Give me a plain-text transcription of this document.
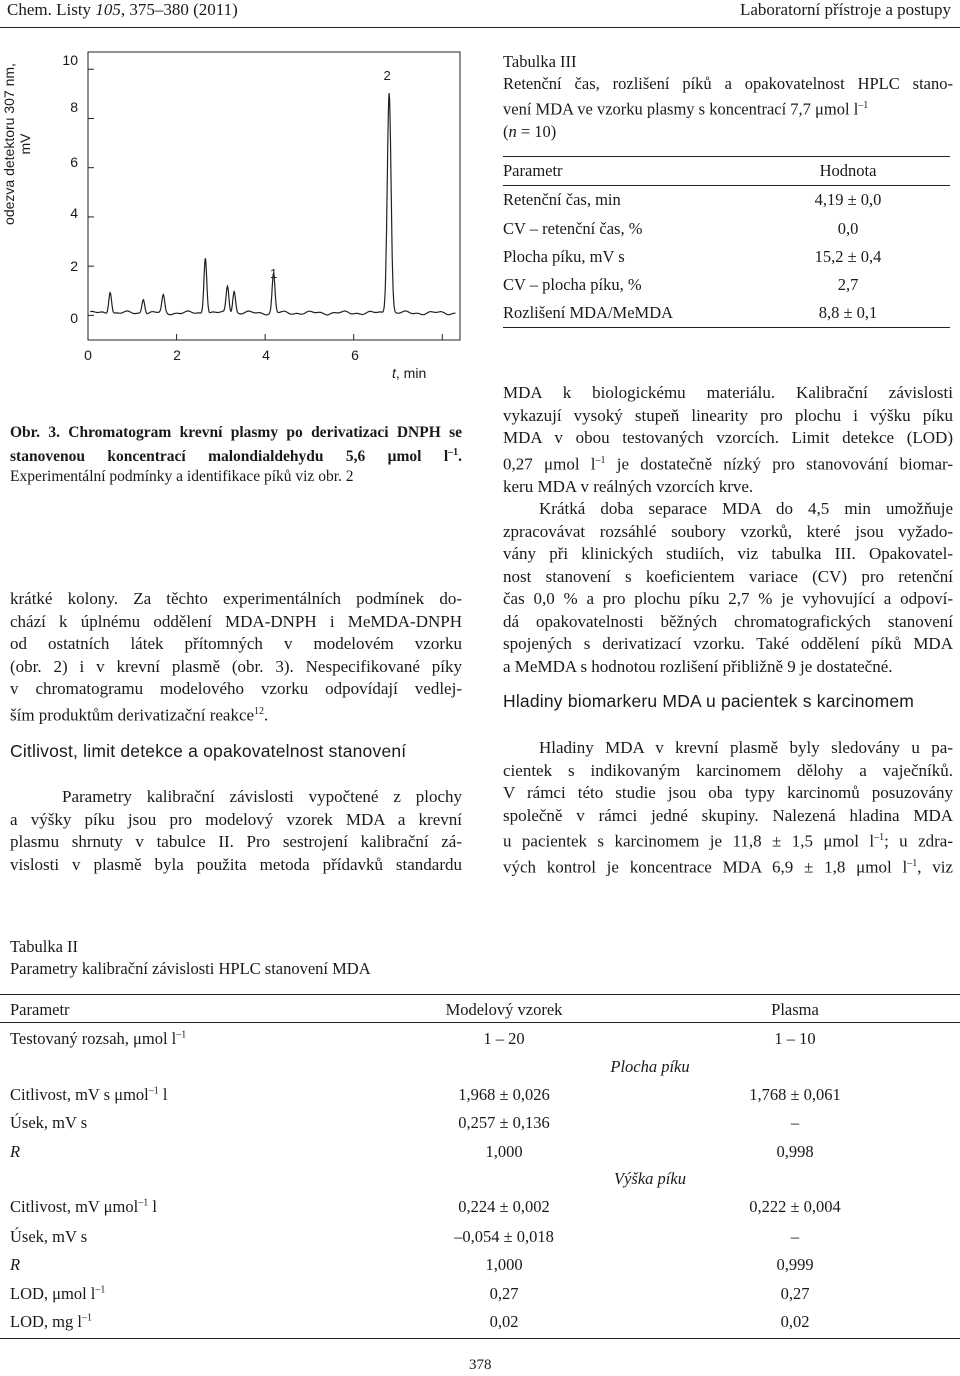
Chem. Listy 105, 375–380 (2011)	Laboratorní přístroje a postupy
odezva detektoru 307 nm, mV
10
8
6
4
2
0
1
2
0	2	4	6
t, min
Obr. 3. Chromatogram krevní plasmy po derivatizaci DNPH se stanovenou koncentrací malondialdehydu 5,6 μmol $l^{-1}$. Experimentální podmínky a identifikace píků viz obr. 2
Tabulka III
Retenční čas, rozlišení píků a opakovatelnost HPLC stano-
vení MDA ve vzorku plasmy s koncentrací 7,7 μmol $l^{-1}$
(n = 10)
Parametr	Hodnota
Retenční čas, min	4,19 ± 0,0
CV – retenční čas, %	0,0
Plocha píku, mV s	15,2 ± 0,4
CV – plocha píku, %	2,7
Rozlišení MDA/MeMDA	8,8 ± 0,1
krátké kolony. Za těchto experimentálních podmínek do-
chází k úplnému oddělení MDA-DNPH i MeMDA-DNPH
od ostatních látek přítomných v modelovém vzorku
(obr. 2) i v krevní plasmě (obr. 3). Nespecifikované píky
v chromatogramu modelového vzorku odpovídají vedlej-
ším produktům derivatizační reakce$^{12}$.
Citlivost, limit detekce a opakovatelnost stanovení
Parametry kalibrační závislosti vypočtené z plochy
a výšky píku jsou pro modelový vzorek MDA a krevní
plasmu shrnuty v tabulce II. Pro sestrojení kalibrační zá-
vislosti v plasmě byla použita metoda přídavků standardu
MDA k biologickému materiálu. Kalibrační závislosti
vykazují vysoký stupeň linearity pro plochu i výšku píku
MDA v obou testovaných vzorcích. Limit detekce (LOD)
0,27 μmol $l^{-1}$ je dostatečně nízký pro stanovování biomar-
keru MDA v reálných vzorcích krve.
Krátká doba separace MDA do 4,5 min umožňuje
zpracovávat rozsáhlé soubory vzorků, které jsou vyžado-
vány při klinických studiích, viz tabulka III. Opakovatel-
nost stanovení s koeficientem variace (CV) pro retenční
čas 0,0 % a pro plochu píku 2,7 % je vyhovující a odpoví-
dá opakovatelnosti běžných chromatografických stanovení
spojených s derivatizací vzorku. Také oddělení píků MDA
a MeMDA s hodnotou rozlišení přibližně 9 je dostatečné.
Hladiny biomarkeru MDA u pacientek s karcinomem
Hladiny MDA v krevní plasmě byly sledovány u pa-
cientek s indikovaným karcinomem dělohy a vaječníků.
V rámci této studie jsou oba typy karcinomů posuzovány
společně v rámci jedné skupiny. Nalezená hladina MDA
u pacientek s karcinomem je 11,8 ± 1,5 μmol $l^{-1}$; u zdra-
vých kontrol je koncentrace MDA 6,9 ± 1,8 μmol $l^{-1}$, viz
Tabulka II
Parametry kalibrační závislosti HPLC stanovení MDA
Parametr	Modelový vzorek	Plasma
Testovaný rozsah, μmol $l^{-1}$	1 – 20	1 – 10
Plocha píku
Citlivost, mV s μmol$^{-1}$ l	1,968 ± 0,026	1,768 ± 0,061
Úsek, mV s	0,257 ± 0,136	–
R	1,000	0,998
Výška píku
Citlivost, mV μmol$^{-1}$ l	0,224 ± 0,002	0,222 ± 0,004
Úsek, mV s	–0,054 ± 0,018	–
R	1,000	0,999
LOD, μmol $l^{-1}$	0,27	0,27
LOD, mg $l^{-1}$	0,02	0,02
378
